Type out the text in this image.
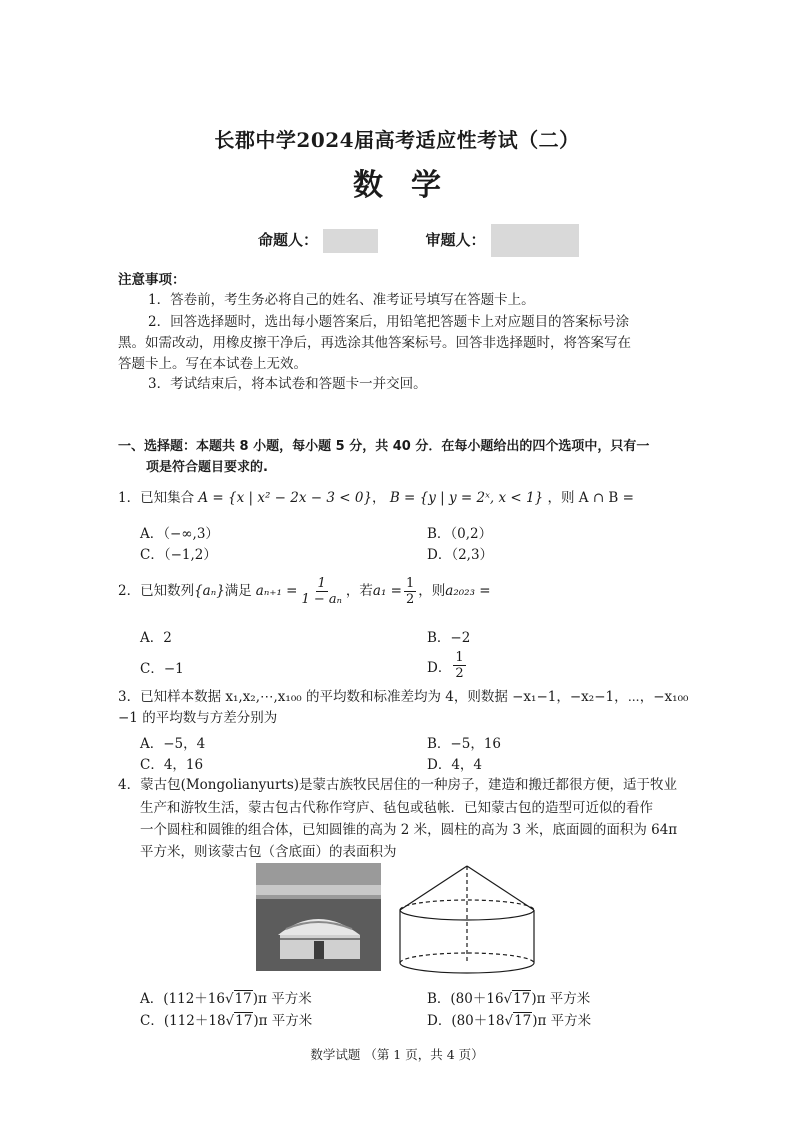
长郡中学2024届高考适应性考试（二）
数学
命题人：	审题人：
注意事项：
1．答卷前，考生务必将自己的姓名、准考证号填写在答题卡上。
2．回答选择题时，选出每小题答案后，用铅笔把答题卡上对应题目的答案标号涂
黑。如需改动，用橡皮擦干净后，再选涂其他答案标号。回答非选择题时，将答案写在
答题卡上。写在本试卷上无效。
3．考试结束后，将本试卷和答题卡一并交回。
一、选择题：本题共 8 小题，每小题 5 分，共 40 分．在每小题给出的四个选项中，只有一
项是符合题目要求的.
1．已知集合 A = {x | x² − 2x − 3 < 0}， B = {y | y = 2ˣ, x < 1} ，则 A ∩ B =
A．（−∞,3）	B．（0,2）
C．（−1,2）	D．（2,3）
2．已知数列 {aₙ} 满足 $a_{n+1} = \frac{1}{\text{1 − aₙ}}$ ，若 $a_1 = \frac{1}{2}$ ，则 a₂₀₂₃ =
A．2	B．−2
C．−1	D． $\frac{1}{2}$
3．已知样本数据 x₁,x₂,⋯,x₁₀₀ 的平均数和标准差均为 4，则数据 −x₁−1，−x₂−1，⋯，−x₁₀₀
−1 的平均数与方差分别为
A．−5，4	B．−5，16
C．4，16	D．4，4
4．蒙古包(Mongolianyurts)是蒙古族牧民居住的一种房子，建造和搬迁都很方便，适于牧业
生产和游牧生活，蒙古包古代称作穹庐、毡包或毡帐．已知蒙古包的造型可近似的看作
一个圆柱和圆锥的组合体，已知圆锥的高为 2 米，圆柱的高为 3 米，底面圆的面积为 64π
平方米，则该蒙古包（含底面）的表面积为
A．(112＋16√17)π 平方米	B．(80＋16√17)π 平方米
C．(112＋18√17)π 平方米	D．(80＋18√17)π 平方米
数学试题 （第 1 页，共 4 页）
